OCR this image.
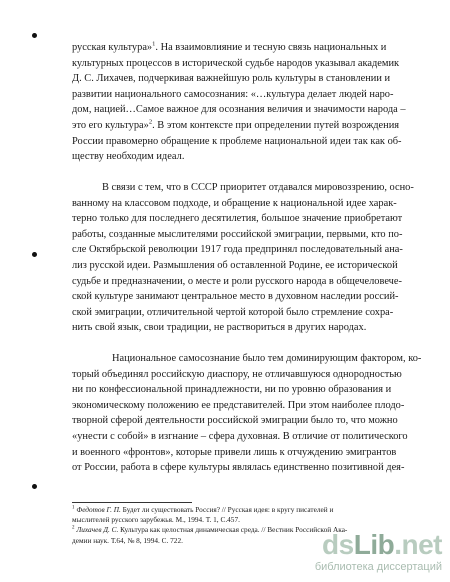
русская культура»$^1$. На взаимовлияние и тесную связь национальных и
культурных процессов в исторической судьбе народов указывал академик
Д. С. Лихачев, подчеркивая важнейшую роль культуры в становлении и
развитии национального самосознания: «…культура делает людей наро-
дом, нацией…Самое важное для осознания величия и значимости народа –
это его культура»$^2$. В этом контексте при определении путей возрождения
России правомерно обращение к проблеме национальной идеи так как об-
ществу необходим идеал.
В связи с тем, что в СССР приоритет отдавался мировоззрению, осно-
ванному на классовом подходе, и обращение к национальной идее харак-
терно только для последнего десятилетия, большое значение приобретают
работы, созданные мыслителями российской эмиграции, первыми, кто по-
сле Октябрьской революции 1917 года предпринял последовательный ана-
лиз русской идеи. Размышления об оставленной Родине, ее исторической
судьбе и предназначении, о месте и роли русского народа в общечеловече-
ской культуре занимают центральное место в духовном наследии россий-
ской эмиграции, отличительной чертой которой было стремление сохра-
нить свой язык, свои традиции, не раствориться в других народах.
Национальное самосознание было тем доминирующим фактором, ко-
торый объединял российскую диаспору, не отличавшуюся однородностью
ни по конфессиональной принадлежности, ни по уровню образования и
экономическому положению ее представителей. При этом наиболее плодо-
творной сферой деятельности российской эмиграции было то, что можно
«унести с собой» в изгнание – сфера духовная. В отличие от политического
и военного «фронтов», которые привели лишь к отчуждению эмигрантов
от России, работа в сфере культуры являлась единственно позитивной дея-
$^1$ Федотов Г. П. Будет ли существовать Россия? // Русская идея: в кругу писателей и
мыслителей русского зарубежья. М., 1994. Т. 1, С.457.
$^2$ Лихачев Д. С. Культура как целостная динамическая среда. // Вестник Российской Ака-
демии наук. Т.64, № 8, 1994. С. 722.	dsLib.net
библиотека диссертаций
